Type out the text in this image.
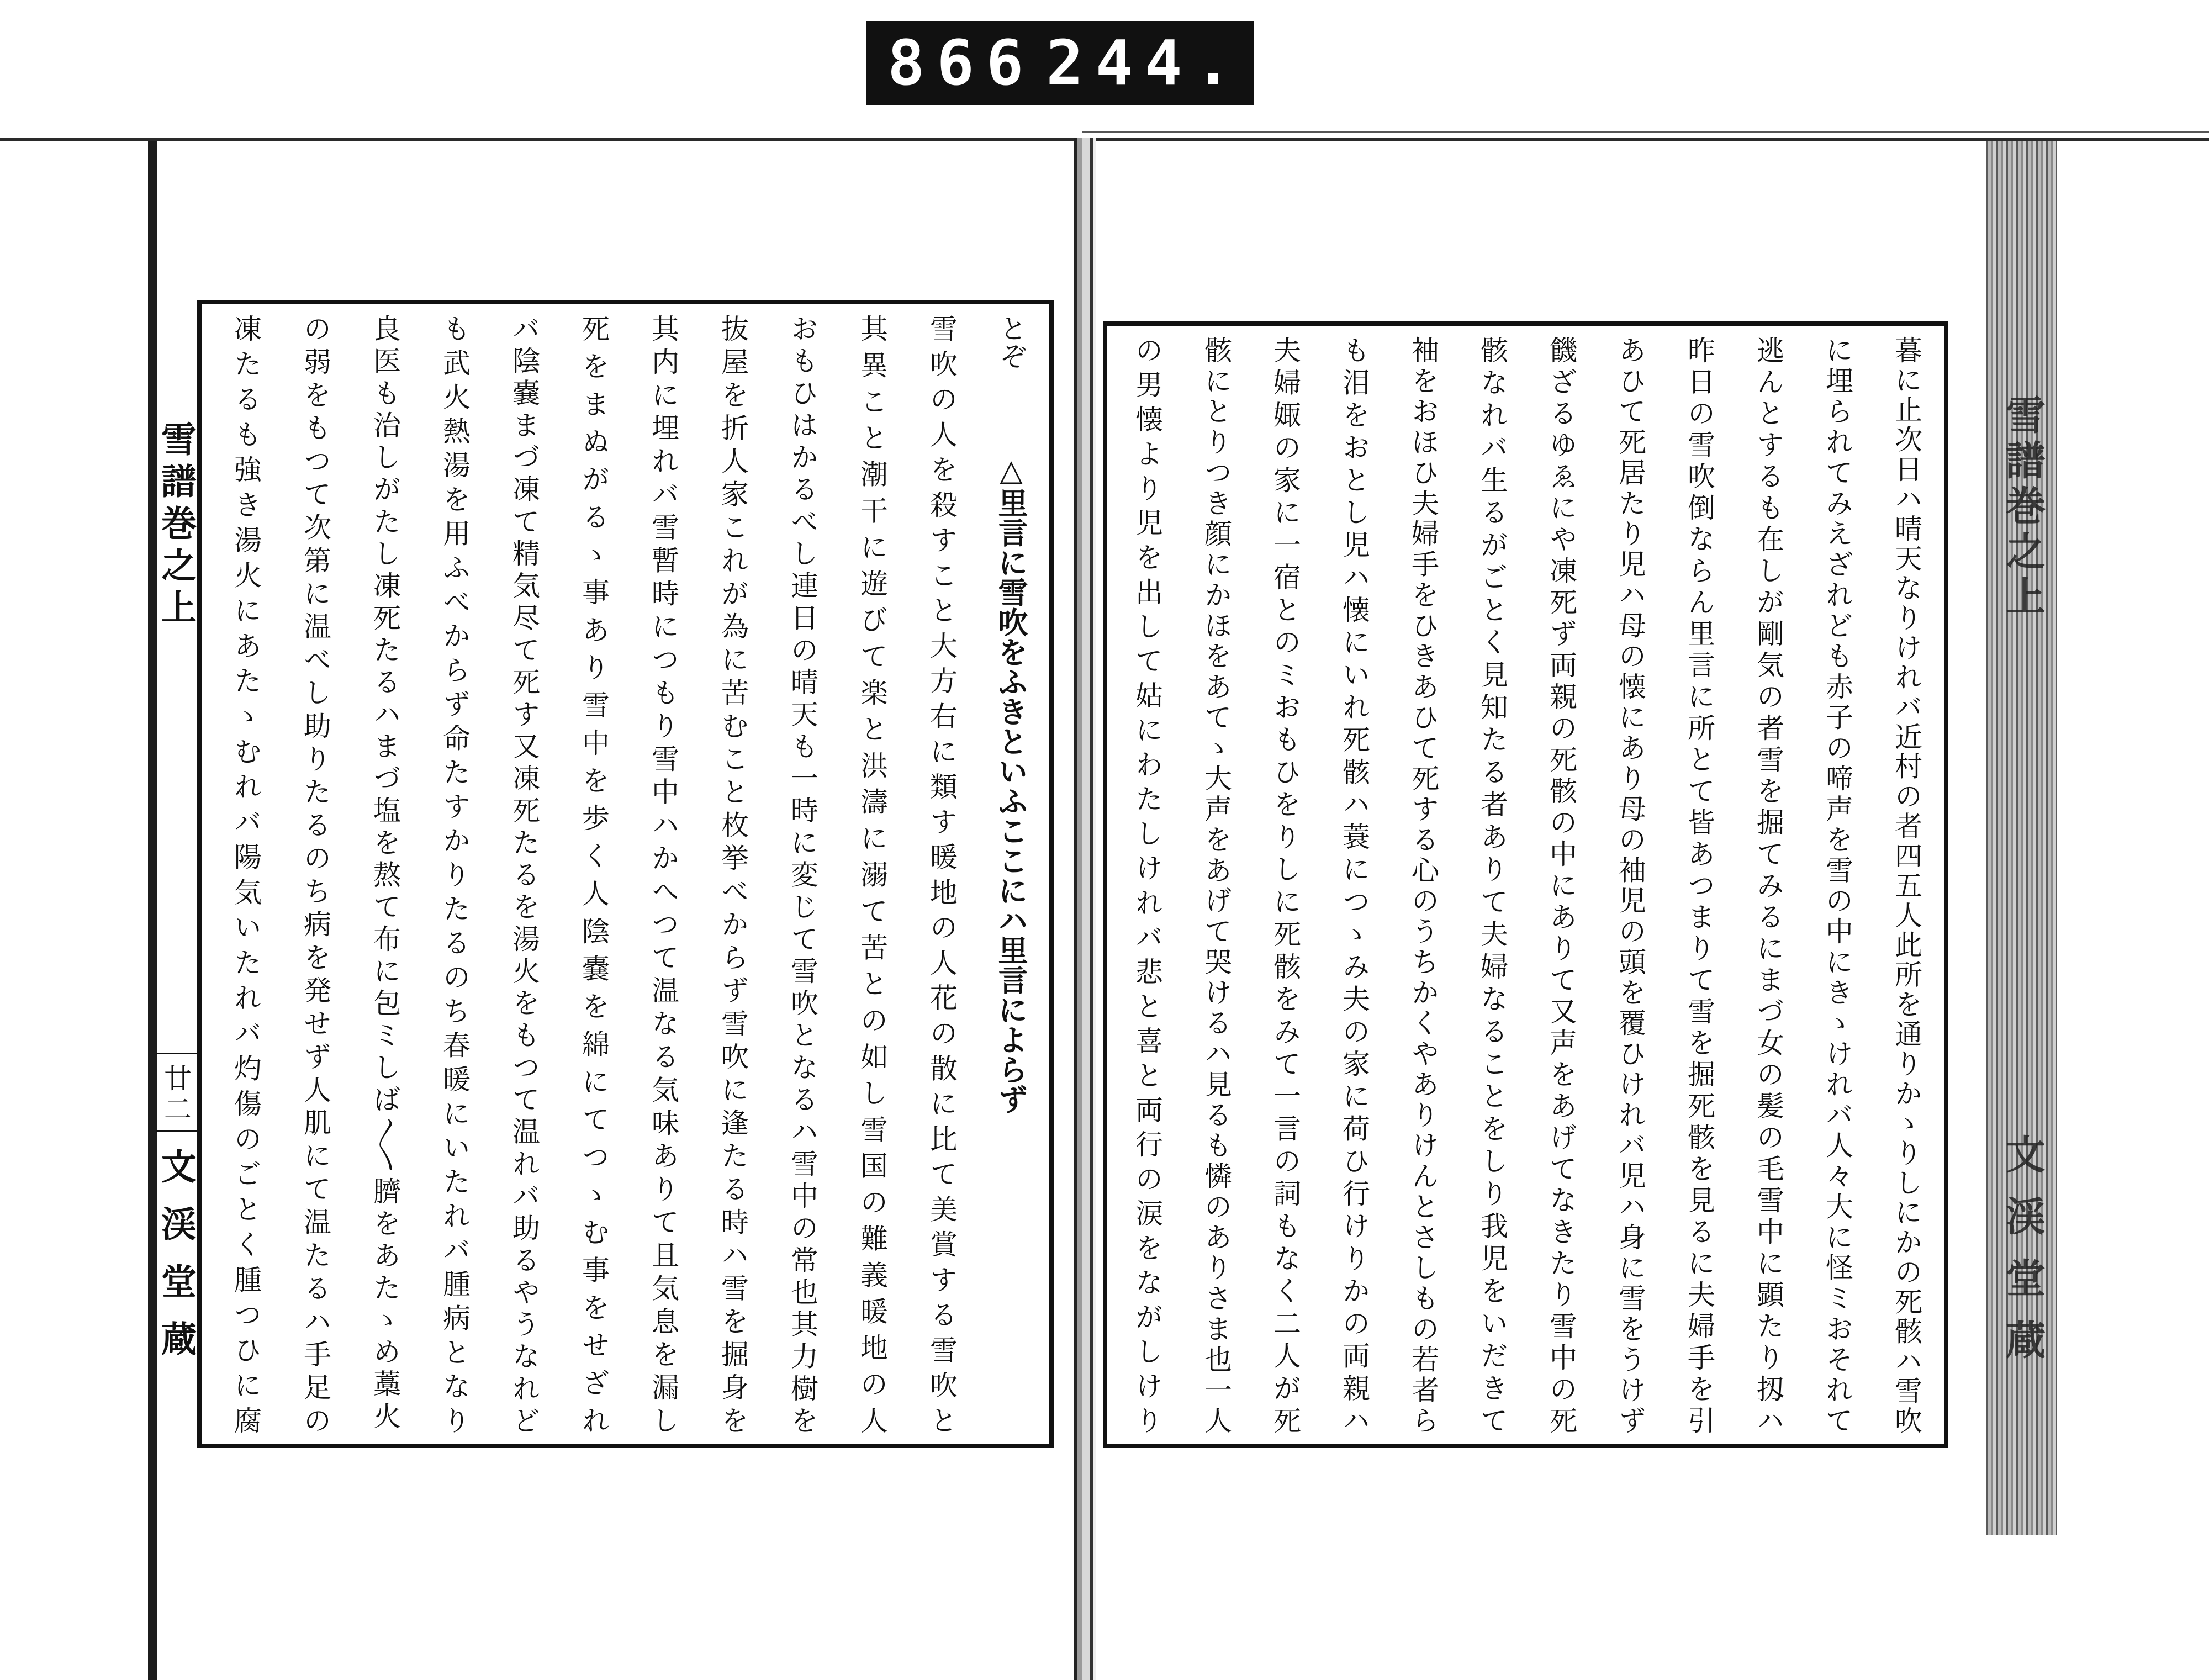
866 244.
雪譜巻之上
廿二
文渓堂蔵
雪譜巻之上
文渓堂蔵
とぞ△里言に雪吹をふきといふここにハ里言によらず
雪吹の人を殺すこと大方右に類す暖地の人花の散に比て美賞する雪吹と
其異こと潮干に遊びて楽と洪濤に溺て苦との如し雪国の難義暖地の人
おもひはかるべし連日の晴天も一時に変じて雪吹となるハ雪中の常也其力樹を
抜屋を折人家これが為に苦むこと枚挙べからず雪吹に逢たる時ハ雪を掘身を
其内に埋れバ雪暫時につもり雪中ハかへつて温なる気味ありて且気息を漏し
死をまぬがるゝ事あり雪中を歩く人陰嚢を綿にてつゝむ事をせざれ
バ陰嚢まづ凍て精気尽て死す又凍死たるを湯火をもつて温れバ助るやうなれど
も武火熱湯を用ふべからず命たすかりたるのち春暖にいたれバ腫病となり
良医も治しがたし凍死たるハまづ塩を熬て布に包ミしば〳〵臍をあたゝめ藁火
の弱をもつて次第に温べし助りたるのち病を発せず人肌にて温たるハ手足の
凍たるも強き湯火にあたゝむれバ陽気いたれバ灼傷のごとく腫つひに腐	暮に止次日ハ晴天なりけれバ近村の者四五人此所を通りかゝりしにかの死骸ハ雪吹
に埋られてみえざれども赤子の啼声を雪の中にきゝけれバ人々大に怪ミおそれて
逃んとするも在しが剛気の者雪を掘てみるにまづ女の髪の毛雪中に顕たり扨ハ
昨日の雪吹倒ならん里言に所とて皆あつまりて雪を掘死骸を見るに夫婦手を引
あひて死居たり児ハ母の懐にあり母の袖児の頭を覆ひけれバ児ハ身に雪をうけず
饑ざるゆゑにや凍死ず両親の死骸の中にありて又声をあげてなきたり雪中の死
骸なれバ生るがごとく見知たる者ありて夫婦なることをしり我児をいだきて
袖をおほひ夫婦手をひきあひて死する心のうちかくやありけんとさしもの若者ら
も泪をおとし児ハ懐にいれ死骸ハ蓑につゝみ夫の家に荷ひ行けりかの両親ハ
夫婦娵の家に一宿とのミおもひをりしに死骸をみて一言の詞もなく二人が死
骸にとりつき顔にかほをあてゝ大声をあげて哭けるハ見るも憐のありさま也一人
の男懐より児を出して姑にわたしけれバ悲と喜と両行の涙をながしけり
